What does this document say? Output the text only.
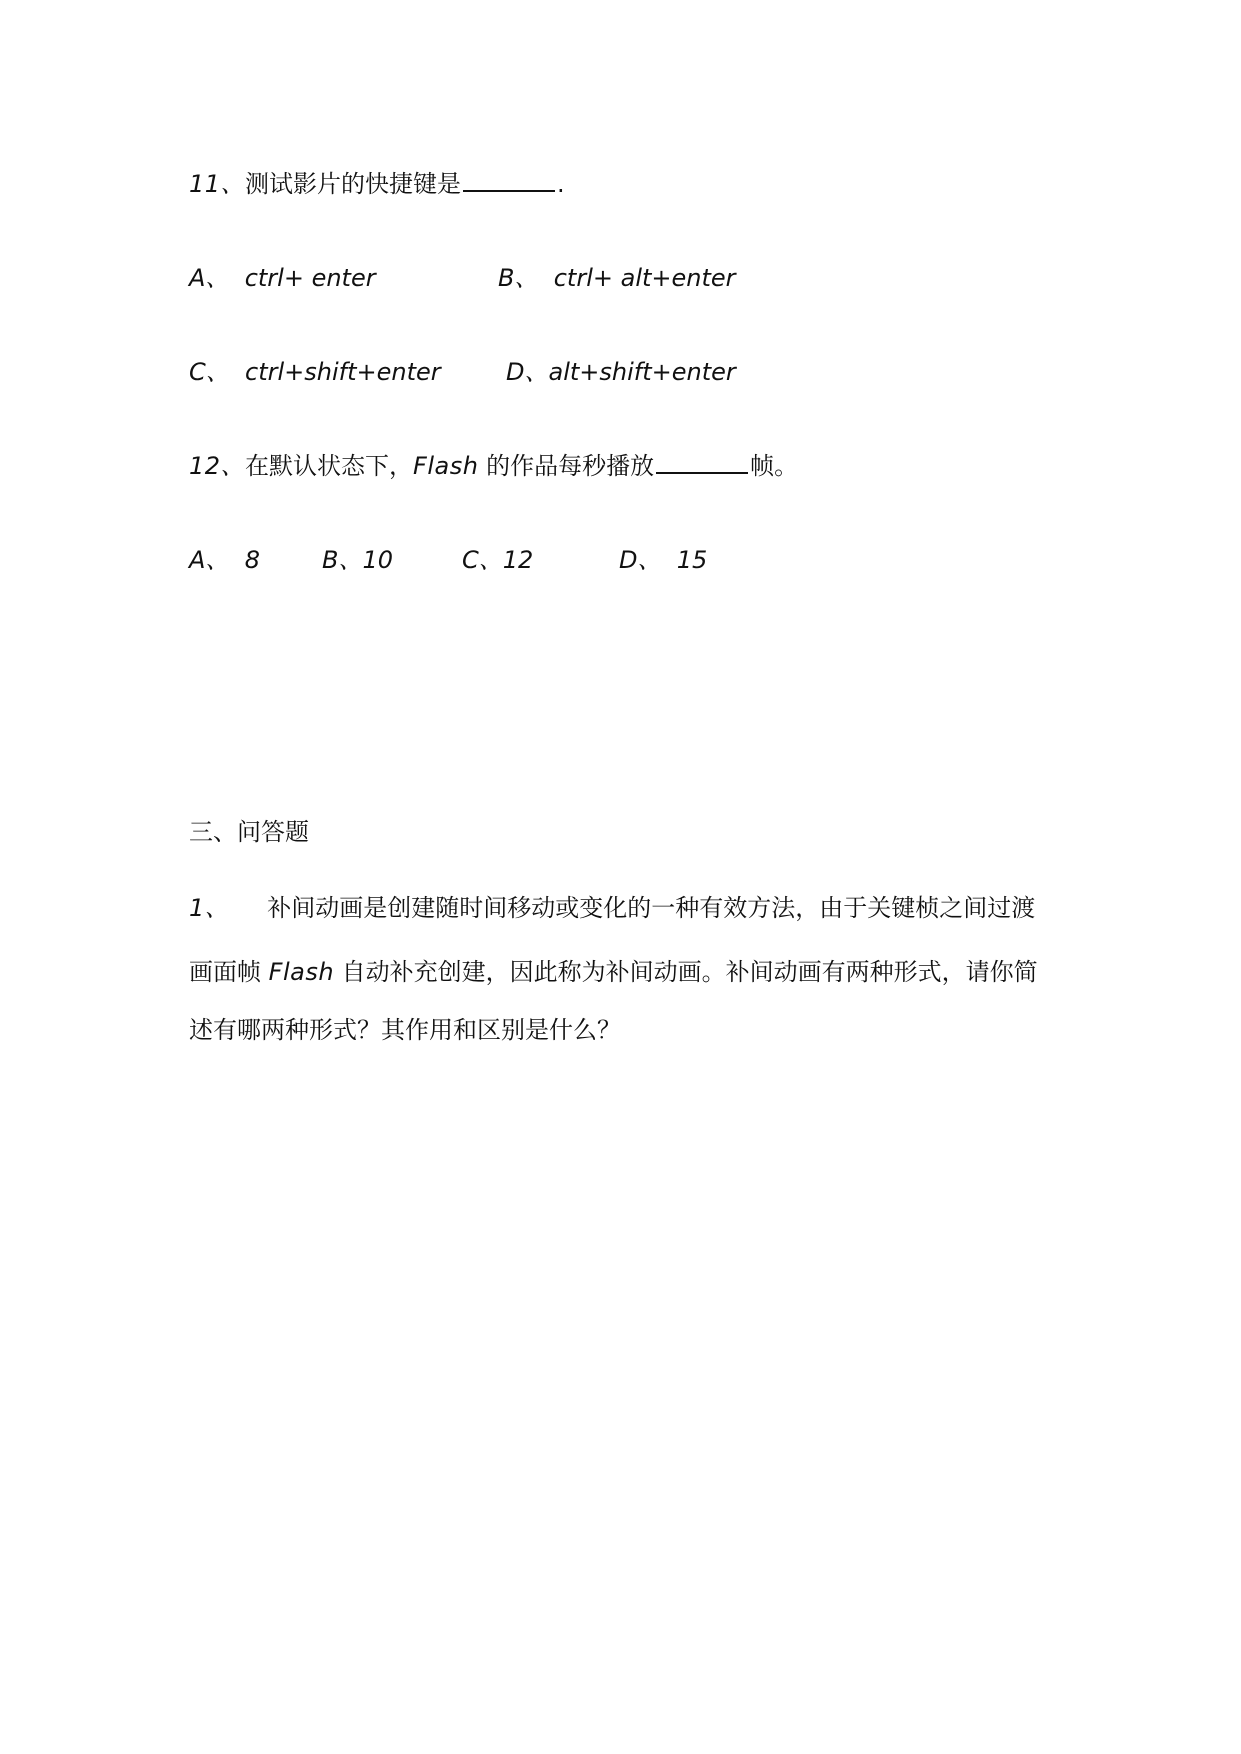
11、测试影片的快捷键是	.
A、 ctrl+ enter	B、 ctrl+ alt+enter
C、 ctrl+shift+enter	D、alt+shift+enter
12、在默认状态下，Flash 的作品每秒播放	帧。
A、 8	B、10	C、12	D、 15
三、问答题
1、 补间动画是创建随时间移动或变化的一种有效方法，由于关键桢之间过渡
画面帧 Flash 自动补充创建，因此称为补间动画。补间动画有两种形式，请你简
述有哪两种形式？其作用和区别是什么？
